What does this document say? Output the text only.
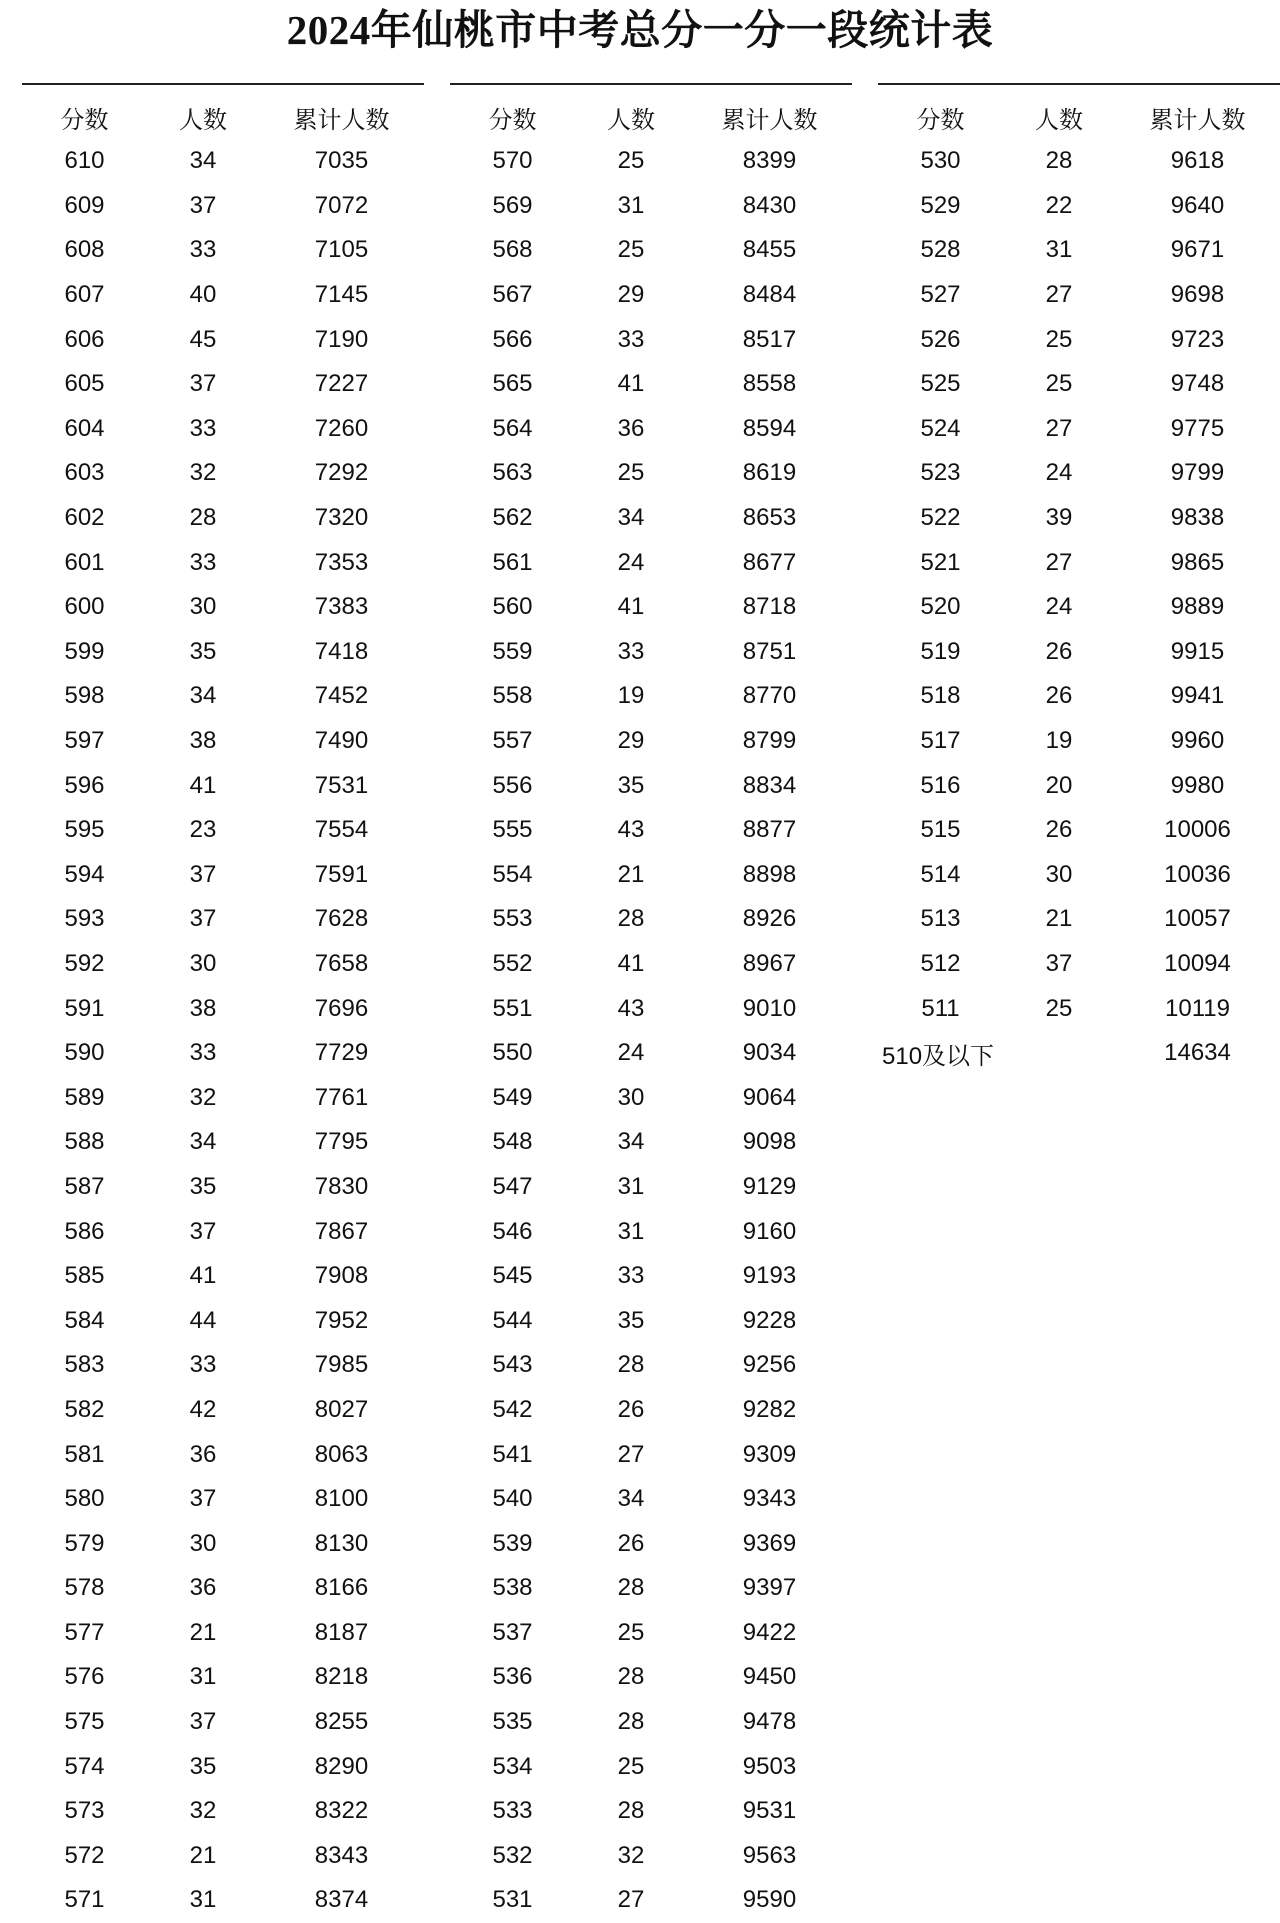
2024年仙桃市中考总分一分一段统计表
分数	人数	累计人数
610	34	7035
609	37	7072
608	33	7105
607	40	7145
606	45	7190
605	37	7227
604	33	7260
603	32	7292
602	28	7320
601	33	7353
600	30	7383
599	35	7418
598	34	7452
597	38	7490
596	41	7531
595	23	7554
594	37	7591
593	37	7628
592	30	7658
591	38	7696
590	33	7729
589	32	7761
588	34	7795
587	35	7830
586	37	7867
585	41	7908
584	44	7952
583	33	7985
582	42	8027
581	36	8063
580	37	8100
579	30	8130
578	36	8166
577	21	8187
576	31	8218
575	37	8255
574	35	8290
573	32	8322
572	21	8343
571	31	8374
分数	人数	累计人数
570	25	8399
569	31	8430
568	25	8455
567	29	8484
566	33	8517
565	41	8558
564	36	8594
563	25	8619
562	34	8653
561	24	8677
560	41	8718
559	33	8751
558	19	8770
557	29	8799
556	35	8834
555	43	8877
554	21	8898
553	28	8926
552	41	8967
551	43	9010
550	24	9034
549	30	9064
548	34	9098
547	31	9129
546	31	9160
545	33	9193
544	35	9228
543	28	9256
542	26	9282
541	27	9309
540	34	9343
539	26	9369
538	28	9397
537	25	9422
536	28	9450
535	28	9478
534	25	9503
533	28	9531
532	32	9563
531	27	9590
分数	人数	累计人数
530	28	9618
529	22	9640
528	31	9671
527	27	9698
526	25	9723
525	25	9748
524	27	9775
523	24	9799
522	39	9838
521	27	9865
520	24	9889
519	26	9915
518	26	9941
517	19	9960
516	20	9980
515	26	10006
514	30	10036
513	21	10057
512	37	10094
511	25	10119
510及以下		14634
